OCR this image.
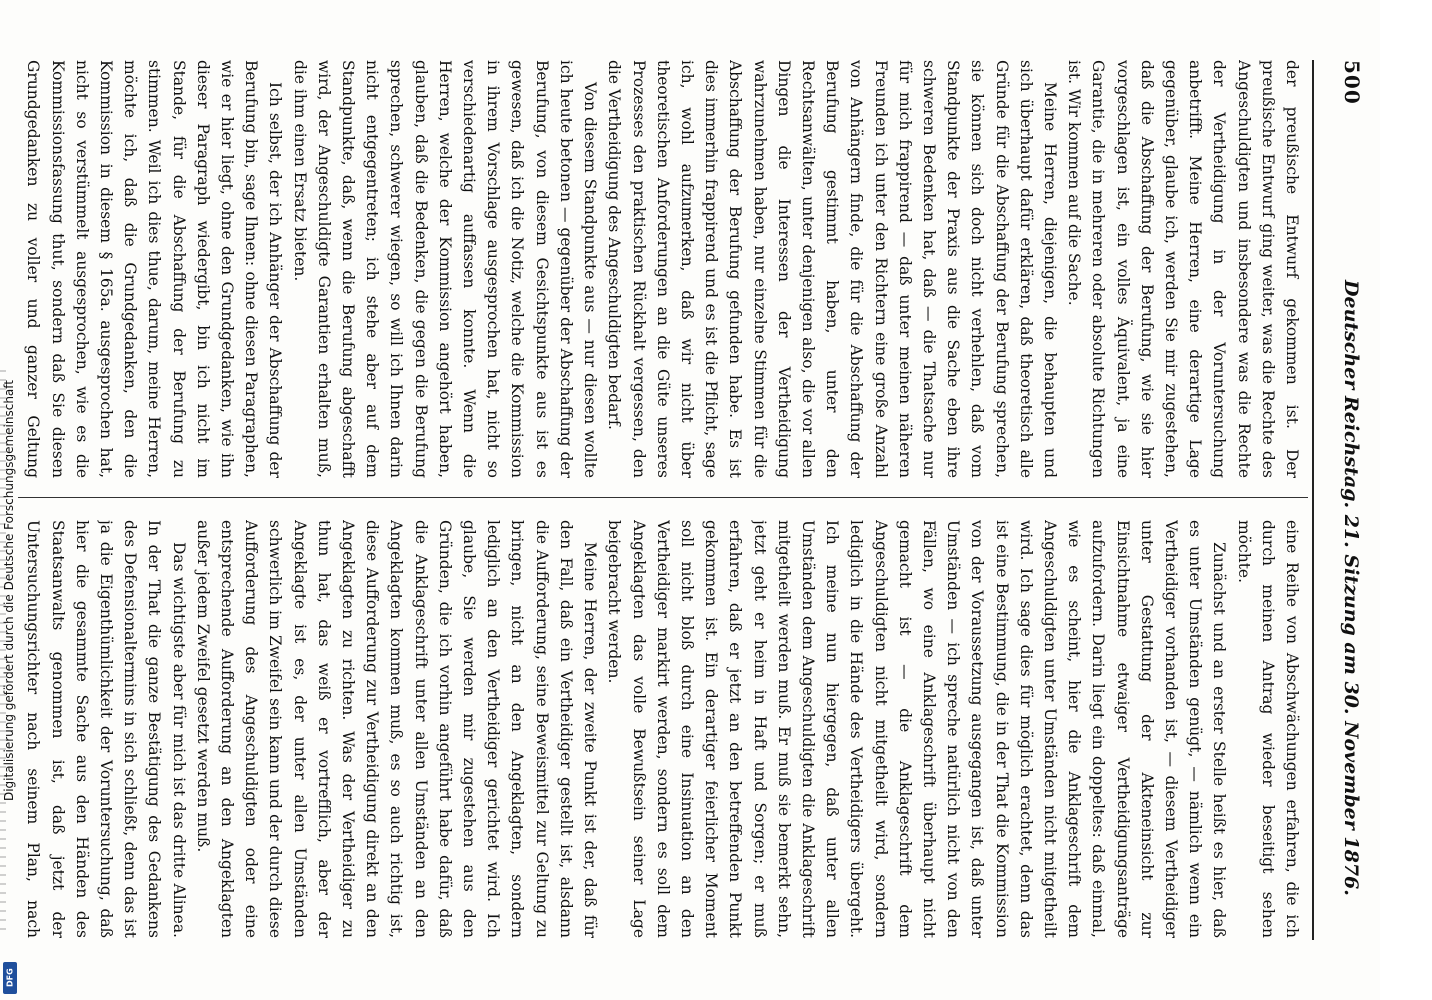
500
Deutscher Reichstag. 21. Sitzung am 30. November 1876.

der preußische Entwurf gekommen ist. Der preußische Entwurf ging weiter, was die Rechte des Angeschuldigten und insbesondere was die Rechte der Vertheidigung in der Voruntersuchung anbetrifft. Meine Herren, eine derartige Lage gegenüber, glaube ich, werden Sie mir zugestehen, daß die Abschaffung der Berufung, wie sie hier vorgeschlagen ist, ein volles Äquivalent, ja eine Garantie, die in mehreren oder absolute Richtungen ist. Wir kommen auf die Sache.

Meine Herren, diejenigen, die behaupten und sich überhaupt dafür erklären, daß theoretisch alle Gründe für die Abschaffung der Berufung sprechen, sie können sich doch nicht verhehlen, daß vom Standpunkte der Praxis aus die Sache eben ihre schweren Bedenken hat, daß — die Thatsache nur für mich frappirend — daß unter meinen näheren Freunden ich unter den Richtern eine große Anzahl von Anhängern finde, die für die Abschaffung der Berufung gestimmt haben, unter den Rechtsanwälten, unter denjenigen also, die vor allen Dingen die Interessen der Vertheidigung wahrzunehmen haben, nur einzelne Stimmen für die Abschaffung der Berufung gefunden habe. Es ist dies immerhin frappirend und es ist die Pflicht, sage ich, wohl aufzumerken, daß wir nicht über theoretischen Anforderungen an die Güte unseres Prozesses den praktischen Rückhalt vergessen, den die Vertheidigung des Angeschuldigten bedarf.

Von diesem Standpunkte aus — nur diesen wollte ich heute betonen — gegenüber der Abschaffung der Berufung, von diesem Gesichtspunkte aus ist es gewesen, daß ich die Notiz, welche die Kommission in ihrem Vorschlage ausgesprochen hat, nicht so verschiedenartig auffassen konnte. Wenn die Herren, welche der Kommission angehört haben, glauben, daß die Bedenken, die gegen die Berufung sprechen, schwerer wiegen, so will ich Ihnen darin nicht entgegentreten; ich stehe aber auf dem Standpunkte, daß, wenn die Berufung abgeschafft wird, der Angeschuldigte Garantien erhalten muß, die ihm einen Ersatz bieten.

Ich selbst, der ich Anhänger der Abschaffung der Berufung bin, sage Ihnen: ohne diesen Paragraphen, wie er hier liegt, ohne den Grundgedanken, wie ihn dieser Paragraph wiedergibt, bin ich nicht im Stande, für die Abschaffung der Berufung zu stimmen. Weil ich dies thue, darum, meine Herren, möchte ich, daß die Grundgedanken, den die Kommission in diesem § 165a. ausgesprochen hat, nicht so verstümmelt ausgesprochen, wie es die Kommissionsfassung thut, sondern daß Sie diesen Grundgedanken zu voller und ganzer Geltung

eine Reihe von Abschwächungen erfahren, die ich durch meinen Antrag wieder beseitigt sehen möchte.

Zunächst und an erster Stelle heißt es hier, daß es unter Umständen genügt, — nämlich wenn ein Vertheidiger vorhanden ist, — diesem Vertheidiger unter Gestattung der Akteneinsicht zur Einsichtnahme etwaiger Vertheidigungsanträge aufzufordern. Darin liegt ein doppeltes: daß einmal, wie es scheint, hier die Anklageschrift dem Angeschuldigten unter Umständen nicht mitgetheilt wird. Ich sage dies für möglich erachtet, denn das ist eine Bestimmung, die in der That die Kommission von der Voraussetzung ausgegangen ist, daß unter Umständen — ich spreche natürlich nicht von den Fällen, wo eine Anklageschrift überhaupt nicht gemacht ist — die Anklageschrift dem Angeschuldigten nicht mitgetheilt wird, sondern lediglich in die Hände des Vertheidigers übergeht. Ich meine nun hiergegen, daß unter allen Umständen dem Angeschuldigten die Anklageschrift mitgetheilt werden muß. Er muß sie bemerkt sehn, jetzt geht er heim in Haft und Sorgen; er muß erfahren, daß er jetzt an den betreffenden Punkt gekommen ist. Ein derartiger feierlicher Moment soll nicht bloß durch eine Insinuation an den Vertheidiger markirt werden, sondern es soll dem Angeklagten das volle Bewußtsein seiner Lage beigebracht werden.

Meine Herren, der zweite Punkt ist der, daß für den Fall, daß ein Vertheidiger gestellt ist, alsdann die Aufforderung, seine Beweismittel zur Geltung zu bringen, nicht an den Angeklagten, sondern lediglich an den Vertheidiger gerichtet wird. Ich glaube, Sie werden mir zugestehen aus den Gründen, die ich vorhin angeführt habe dafür, daß die Anklageschrift unter allen Umständen an den Angeklagten kommen muß, es so auch richtig ist, diese Aufforderung zur Vertheidigung direkt an den Angeklagten zu richten. Was der Vertheidiger zu thun hat, das weiß er vortrefflich, aber der Angeklagte ist es, der unter allen Umständen schwerlich im Zweifel sein kann und der durch diese Aufforderung des Angeschuldigten oder eine entsprechende Aufforderung an den Angeklagten außer jedem Zweifel gesetzt werden muß.

Das wichtigste aber für mich ist das dritte Alinea. In der That die ganze Bestätigung des Gedankens des Defensionaltermins in sich schließt, denn das ist ja die Eigenthümlichkeit der Voruntersuchung, daß hier die gesammte Sache aus den Händen des Staatsanwalts genommen ist, daß jetzt der Untersuchungsrichter nach seinem Plan, nach

Digitalisierung gefördert durch die Deutsche Forschungsgemeinschaft
DFG
